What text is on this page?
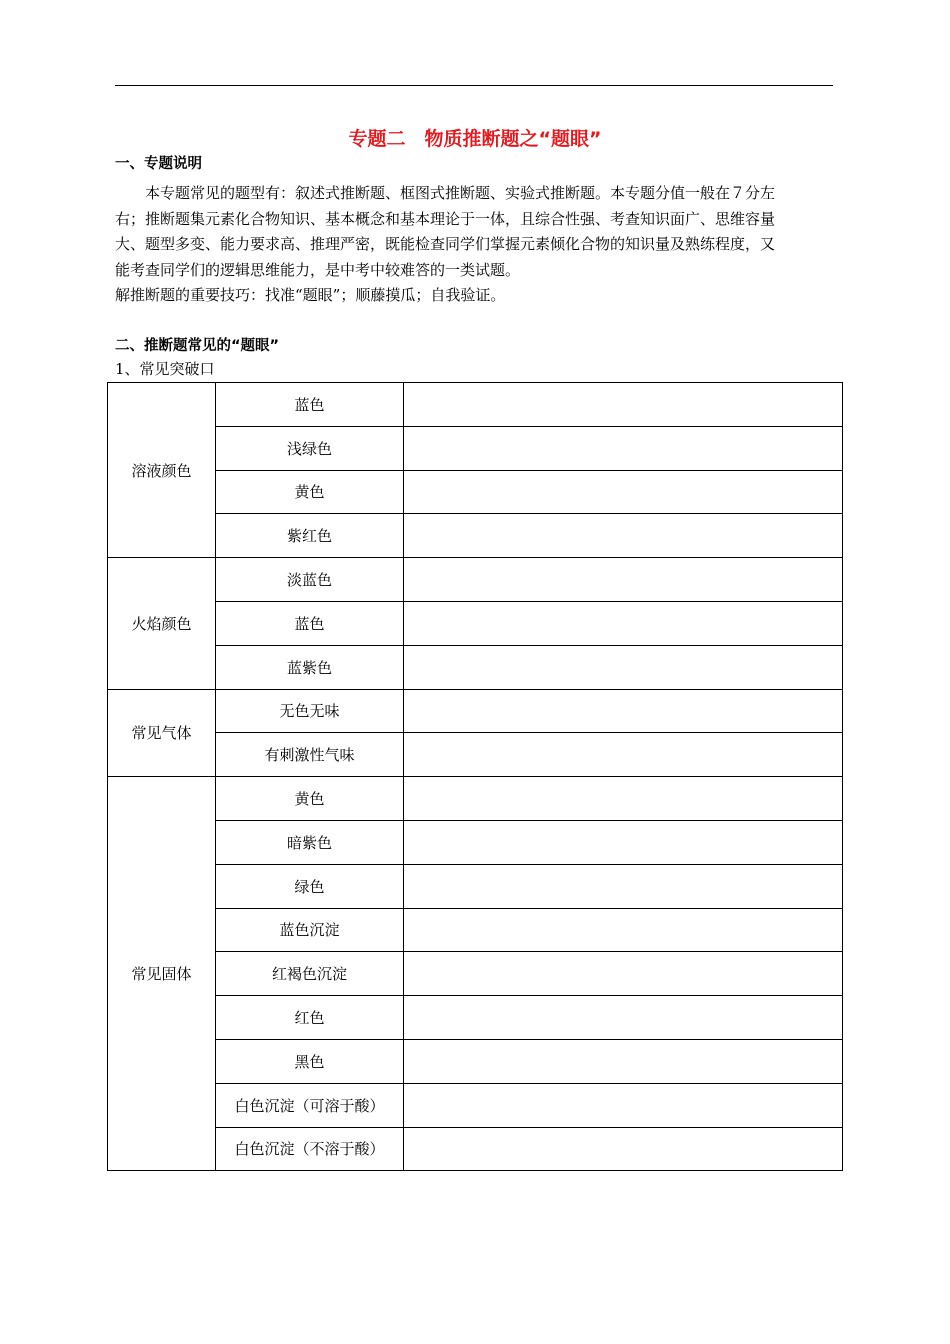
专题二　物质推断题之“题眼”
一、专题说明
本专题常见的题型有：叙述式推断题、框图式推断题、实验式推断题。本专题分值一般在７分左
右；推断题集元素化合物知识、基本概念和基本理论于一体，且综合性强、考查知识面广、思维容量
大、题型多变、能力要求高、推理严密，既能检查同学们掌握元素倾化合物的知识量及熟练程度，又
能考查同学们的逻辑思维能力，是中考中较难答的一类试题。
解推断题的重要技巧：找准“题眼”；顺藤摸瓜；自我验证。
二、推断题常见的“题眼”
1、常见突破口
溶液颜色	蓝色	
	浅绿色	
	黄色	
	紫红色	
火焰颜色	淡蓝色	
	蓝色	
	蓝紫色	
常见气体	无色无味	
	有刺激性气味	
常见固体	黄色	
	暗紫色	
	绿色	
	蓝色沉淀	
	红褐色沉淀	
	红色	
	黑色	
	白色沉淀（可溶于酸）	
	白色沉淀（不溶于酸）	
